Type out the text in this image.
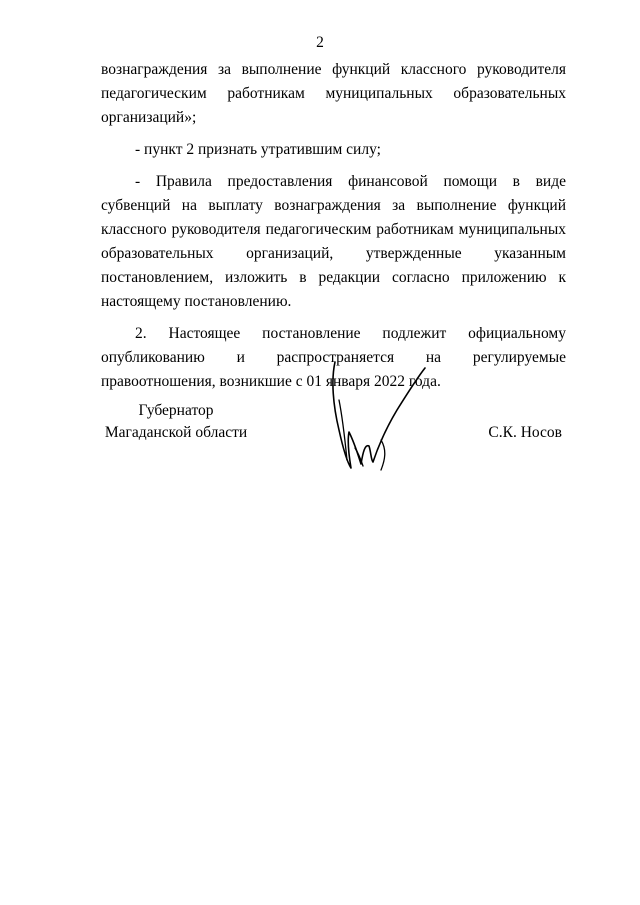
2

вознаграждения за выполнение функций классного руководителя педагогическим работникам муниципальных образовательных организаций»;

- пункт 2 признать утратившим силу;

- Правила предоставления финансовой помощи в виде субвенций на выплату вознаграждения за выполнение функций классного руководителя педагогическим работникам муниципальных образовательных организаций, утвержденные указанным постановлением, изложить в редакции согласно приложению к настоящему постановлению.

2. Настоящее постановление подлежит официальному опубликованию и распространяется на регулируемые правоотношения, возникшие с 01 января 2022 года.

Губернатор
Магаданской области	С.К. Носов
